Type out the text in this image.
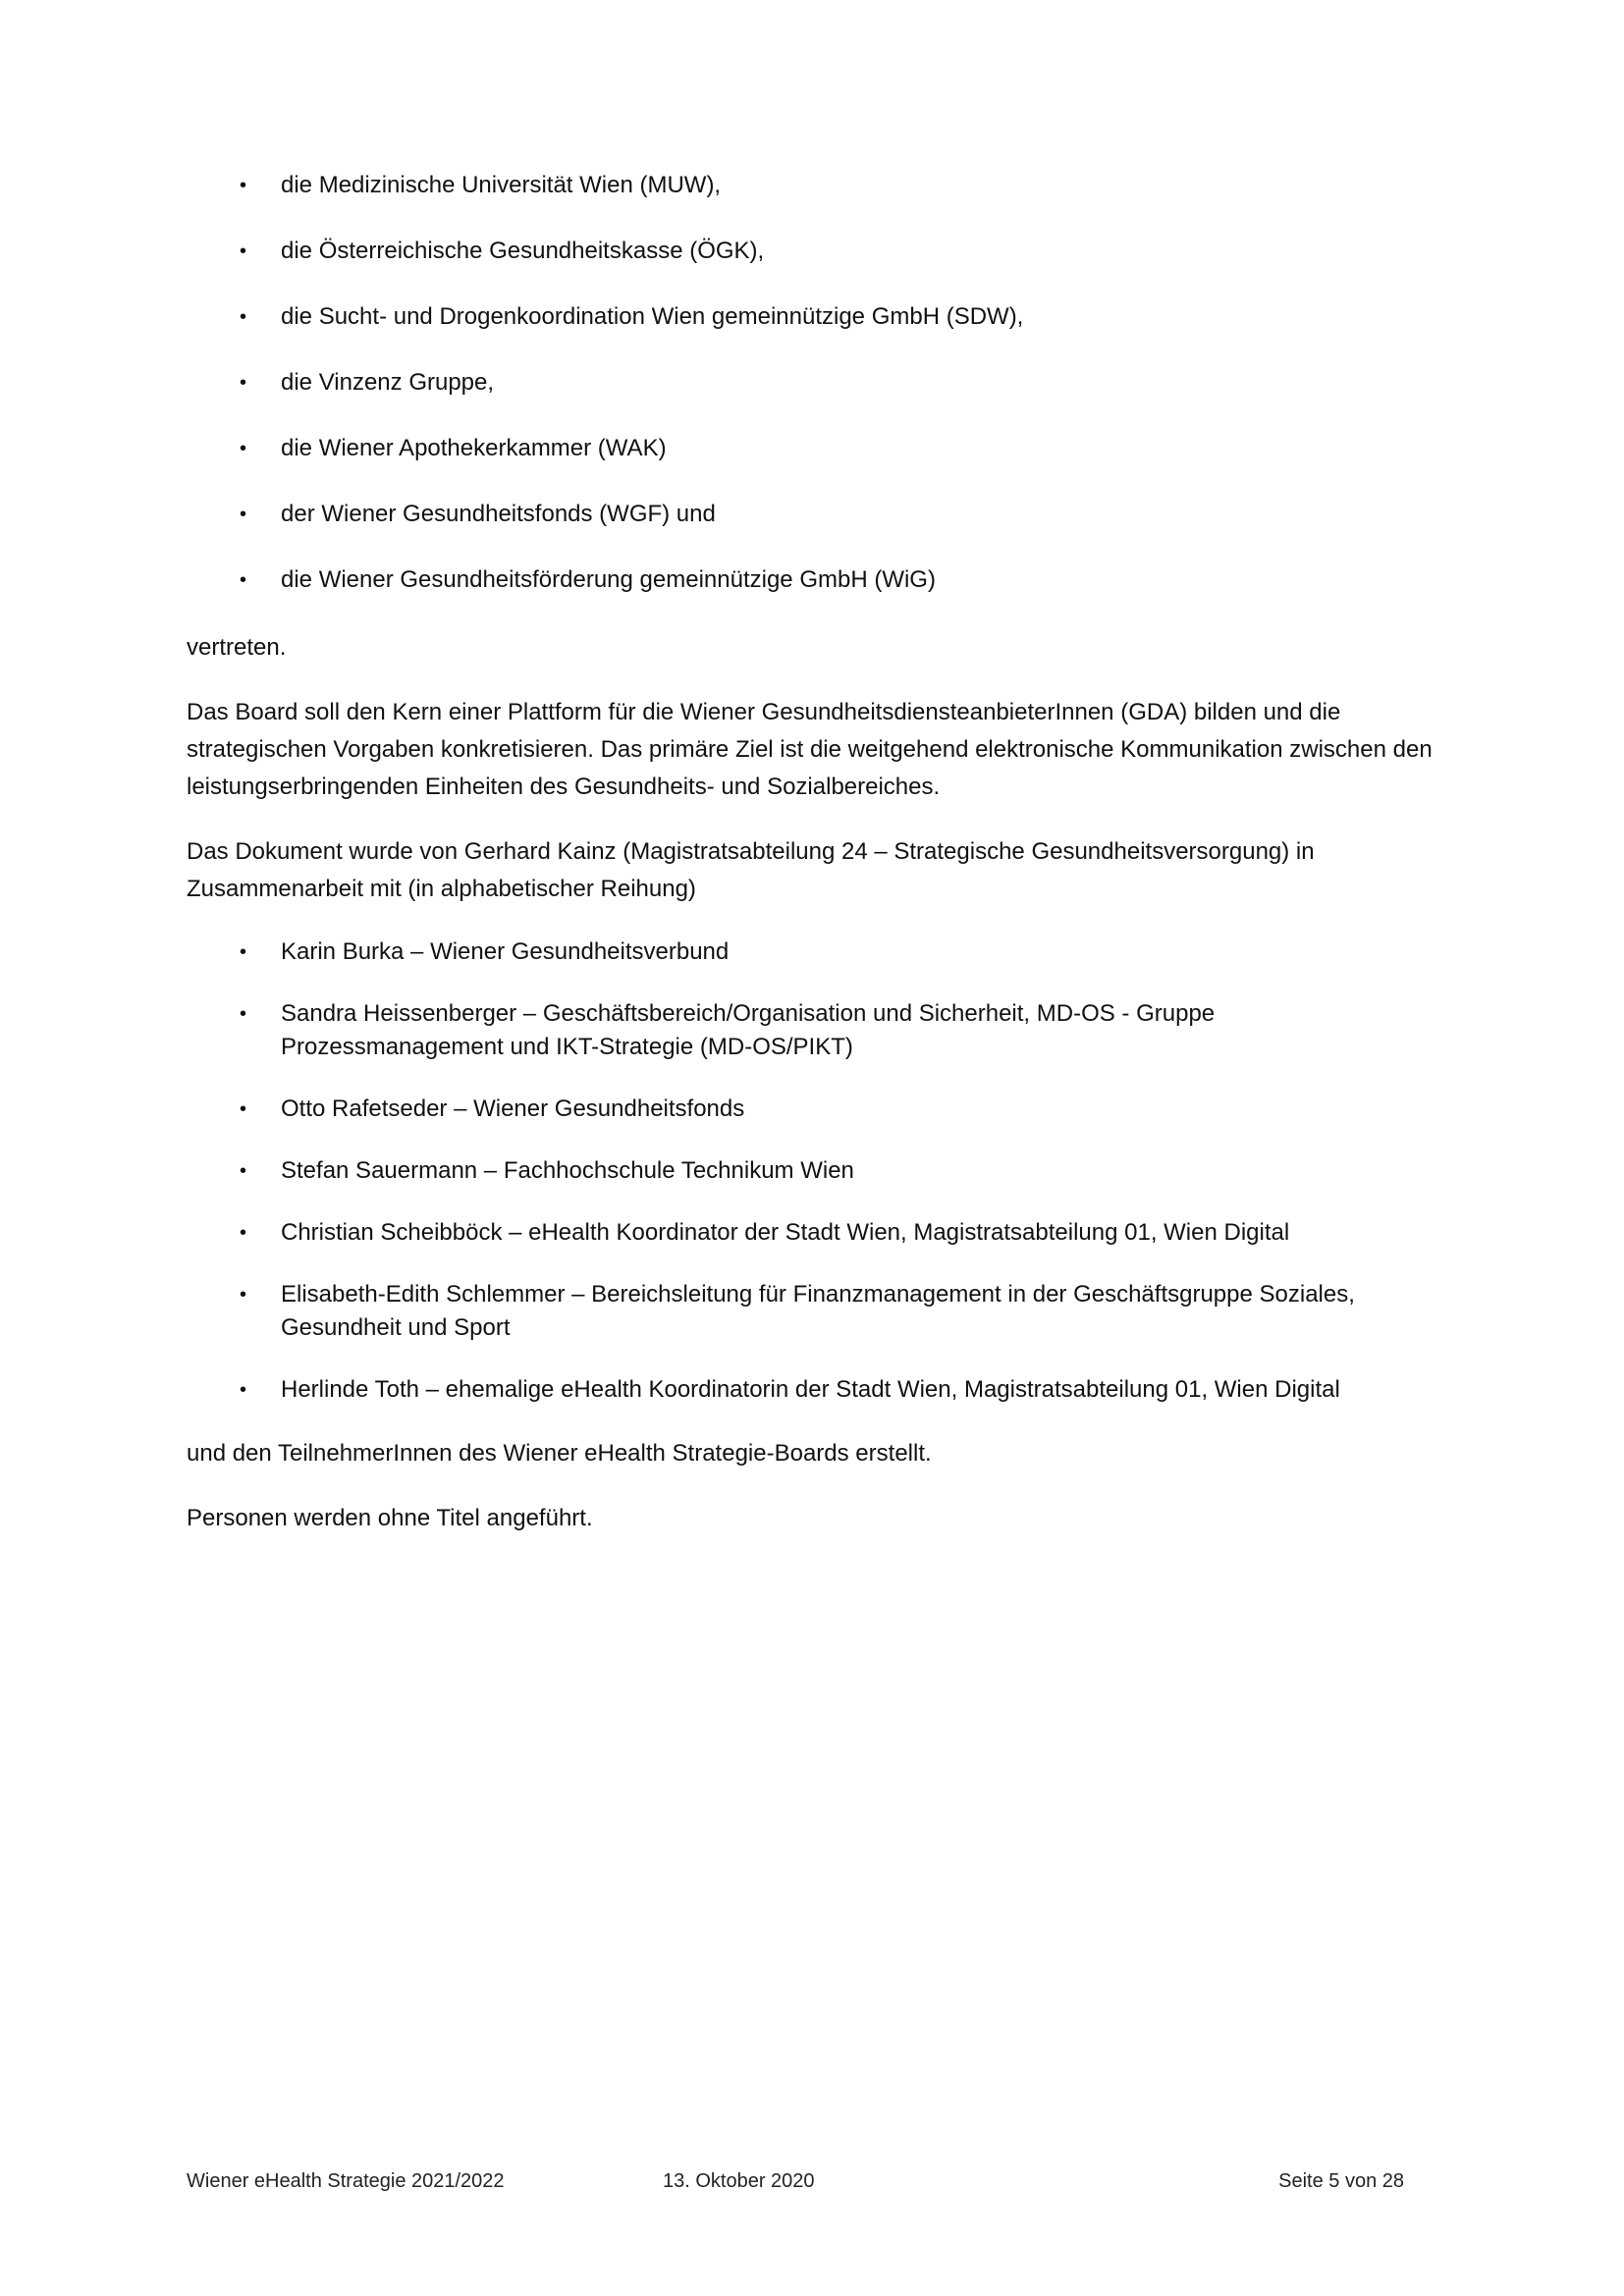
• die Medizinische Universität Wien (MUW),
• die Österreichische Gesundheitskasse (ÖGK),
• die Sucht- und Drogenkoordination Wien gemeinnützige GmbH (SDW),
• die Vinzenz Gruppe,
• die Wiener Apothekerkammer (WAK)
• der Wiener Gesundheitsfonds (WGF) und
• die Wiener Gesundheitsförderung gemeinnützige GmbH (WiG)

vertreten.

Das Board soll den Kern einer Plattform für die Wiener GesundheitsdiensteanbieterInnen (GDA) bilden und die strategischen Vorgaben konkretisieren. Das primäre Ziel ist die weitgehend elektronische Kommunikation zwischen den leistungserbringenden Einheiten des Gesundheits- und Sozialbereiches.

Das Dokument wurde von Gerhard Kainz (Magistratsabteilung 24 – Strategische Gesundheitsversorgung) in Zusammenarbeit mit (in alphabetischer Reihung)

• Karin Burka – Wiener Gesundheitsverbund
• Sandra Heissenberger – Geschäftsbereich/Organisation und Sicherheit, MD-OS - Gruppe Prozessmanagement und IKT-Strategie (MD-OS/PIKT)
• Otto Rafetseder – Wiener Gesundheitsfonds
• Stefan Sauermann – Fachhochschule Technikum Wien
• Christian Scheibböck – eHealth Koordinator der Stadt Wien, Magistratsabteilung 01, Wien Digital
• Elisabeth-Edith Schlemmer – Bereichsleitung für Finanzmanagement in der Geschäftsgruppe Soziales, Gesundheit und Sport
• Herlinde Toth – ehemalige eHealth Koordinatorin der Stadt Wien, Magistratsabteilung 01, Wien Digital

und den TeilnehmerInnen des Wiener eHealth Strategie-Boards erstellt.

Personen werden ohne Titel angeführt.

Wiener eHealth Strategie 2021/2022	13. Oktober 2020	Seite 5 von 28
